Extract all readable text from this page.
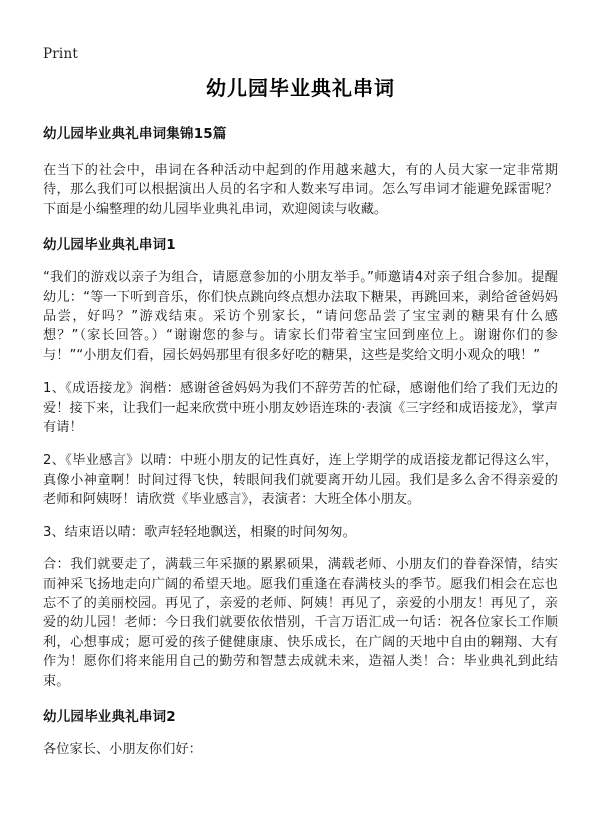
Print
幼儿园毕业典礼串词
幼儿园毕业典礼串词集锦15篇

在当下的社会中，串词在各种活动中起到的作用越来越大，有的人员大家一定非常期待，那么我们可以根据演出人员的名字和人数来写串词。怎么写串词才能避免踩雷呢？下面是小编整理的幼儿园毕业典礼串词，欢迎阅读与收藏。

幼儿园毕业典礼串词1

“我们的游戏以亲子为组合，请愿意参加的小朋友举手。”师邀请4对亲子组合参加。提醒幼儿：“等一下听到音乐，你们快点跳向终点想办法取下糖果，再跳回来，剥给爸爸妈妈品尝，好吗？”游戏结束。采访个别家长，“请问您品尝了宝宝剥的糖果有什么感想？”（家长回答。）“谢谢您的参与。请家长们带着宝宝回到座位上。谢谢你们的参与！”“小朋友们看，园长妈妈那里有很多好吃的糖果，这些是奖给文明小观众的哦！”

1、《成语接龙》润楷：感谢爸爸妈妈为我们不辞劳苦的忙碌，感谢他们给了我们无边的爱！接下来，让我们一起来欣赏中班小朋友妙语连珠的·表演《三字经和成语接龙》，掌声有请！

2、《毕业感言》以晴：中班小朋友的记性真好，连上学期学的成语接龙都记得这么牢，真像小神童啊！时间过得飞快，转眼间我们就要离开幼儿园。我们是多么舍不得亲爱的老师和阿姨呀！请欣赏《毕业感言》，表演者：大班全体小朋友。

3、结束语以晴：歌声轻轻地飘送，相聚的时间匆匆。

合：我们就要走了，满载三年采撷的累累硕果，满载老师、小朋友们的眷眷深情，结实而神采飞扬地走向广阔的希望天地。愿我们重逢在春满枝头的季节。愿我们相会在忘也忘不了的美丽校园。再见了，亲爱的老师、阿姨！再见了，亲爱的小朋友！再见了，亲爱的幼儿园！老师：今日我们就要依依惜别，千言万语汇成一句话：祝各位家长工作顺利，心想事成；愿可爱的孩子健健康康、快乐成长，在广阔的天地中自由的翱翔、大有作为！愿你们将来能用自己的勤劳和智慧去成就未来，造福人类！合：毕业典礼到此结束。

幼儿园毕业典礼串词2

各位家长、小朋友你们好：
